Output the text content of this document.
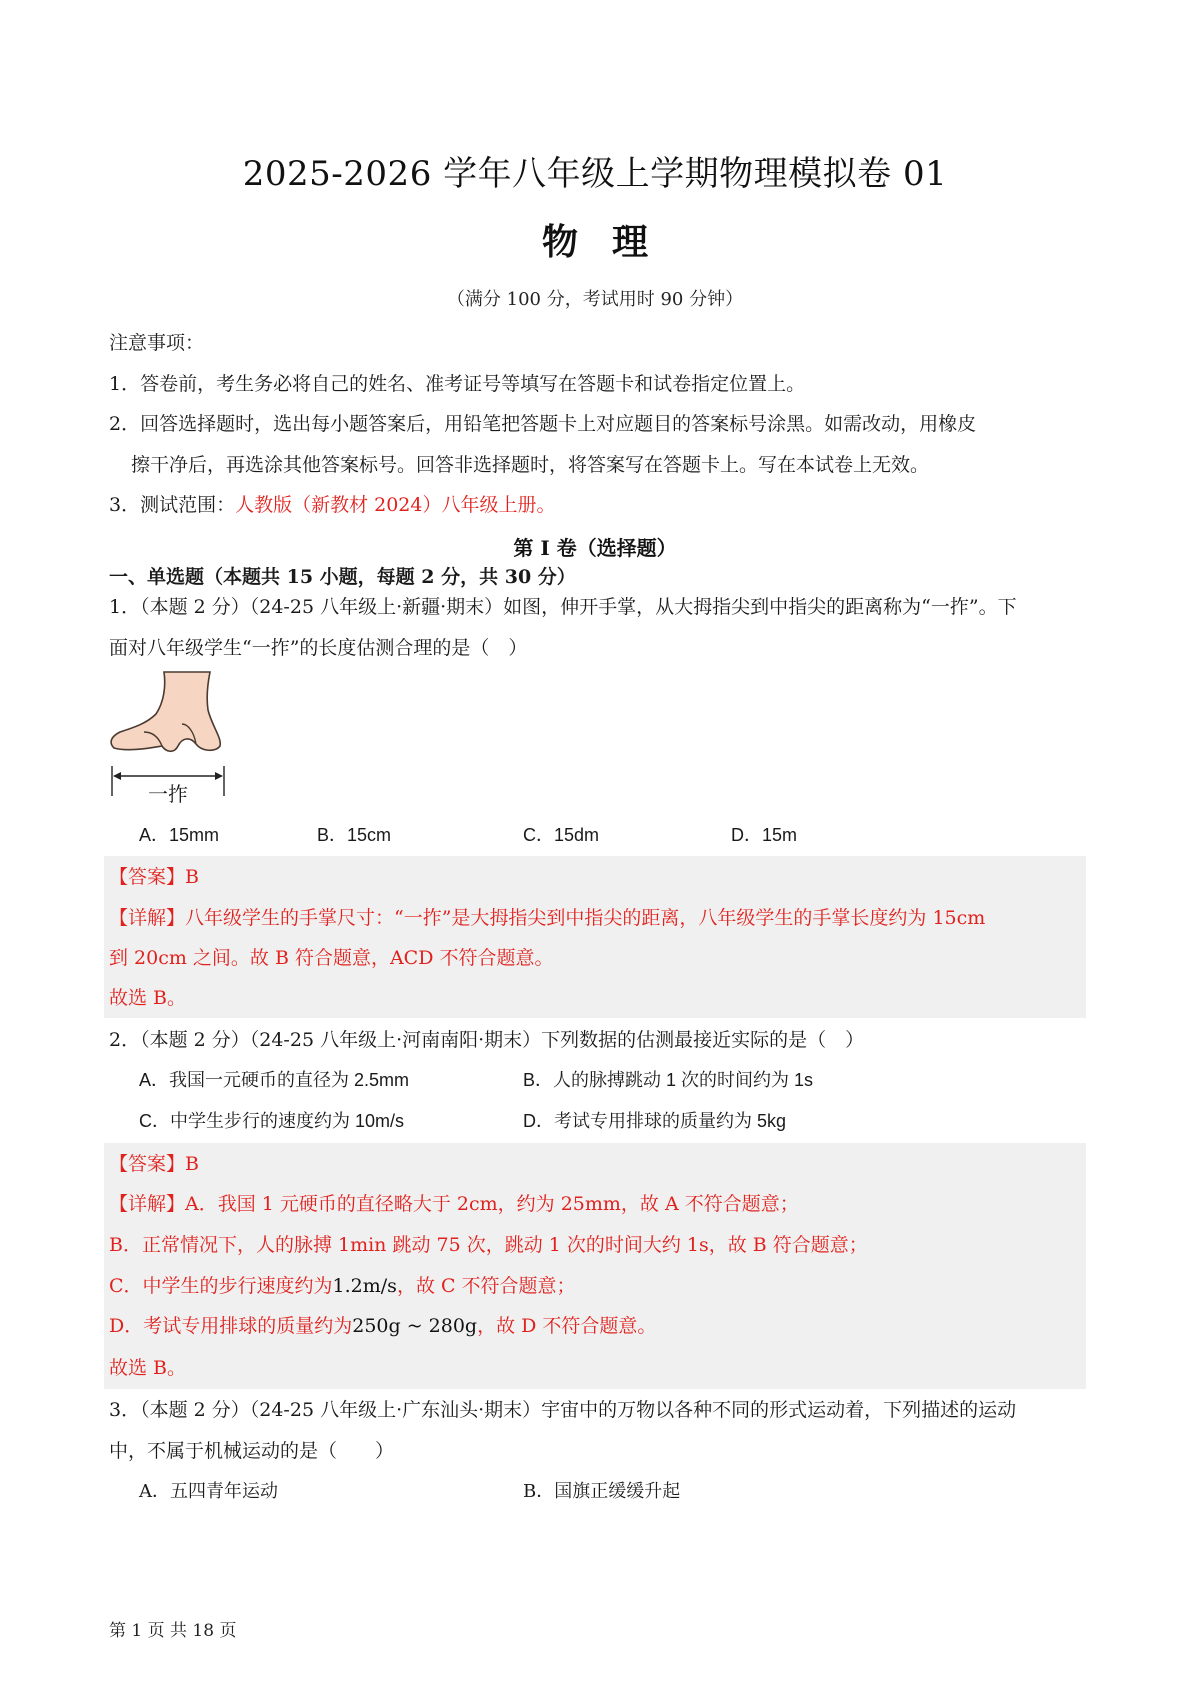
2025-2026 学年八年级上学期物理模拟卷 01
物理
（满分 100 分，考试用时 90 分钟）
注意事项：
1．答卷前，考生务必将自己的姓名、准考证号等填写在答题卡和试卷指定位置上。
2．回答选择题时，选出每小题答案后，用铅笔把答题卡上对应题目的答案标号涂黑。如需改动，用橡皮
擦干净后，再选涂其他答案标号。回答非选择题时，将答案写在答题卡上。写在本试卷上无效。
3．测试范围：人教版（新教材 2024）八年级上册。
第 I 卷（选择题）
一、单选题（本题共 15 小题，每题 2 分，共 30 分）
1．（本题 2 分）（24-25 八年级上·新疆·期末）如图，伸开手掌，从大拇指尖到中指尖的距离称为“一拃”。下
面对八年级学生“一拃”的长度估测合理的是（　）
一拃
A．15mm	B．15cm	C．15dm	D．15m
【答案】B
【详解】八年级学生的手掌尺寸：“一拃”是大拇指尖到中指尖的距离，八年级学生的手掌长度约为 15cm
到 20cm 之间。故 B 符合题意，ACD 不符合题意。
故选 B。
2．（本题 2 分）（24-25 八年级上·河南南阳·期末）下列数据的估测最接近实际的是（　）
A．我国一元硬币的直径为 2.5mm	B．人的脉搏跳动 1 次的时间约为 1s
C．中学生步行的速度约为 10m/s	D．考试专用排球的质量约为 5kg
【答案】B
【详解】A．我国 1 元硬币的直径略大于 2cm，约为 25mm，故 A 不符合题意；
B．正常情况下，人的脉搏 1min 跳动 75 次，跳动 1 次的时间大约 1s，故 B 符合题意；
C．中学生的步行速度约为1.2m/s，故 C 不符合题意；
D．考试专用排球的质量约为250g ~ 280g，故 D 不符合题意。
故选 B。
3．（本题 2 分）（24-25 八年级上·广东汕头·期末）宇宙中的万物以各种不同的形式运动着，下列描述的运动
中，不属于机械运动的是（　　）
A．五四青年运动	B．国旗正缓缓升起
第 1 页 共 18 页
